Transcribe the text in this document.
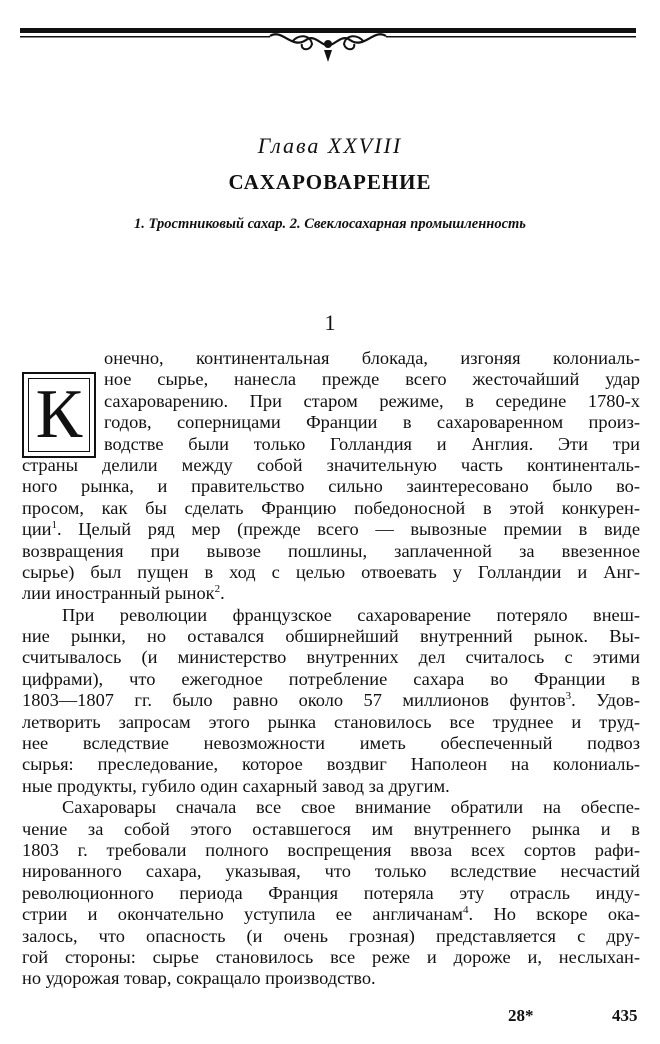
Глава XXVIII
САХАРОВАРЕНИЕ
1. Тростниковый сахар. 2. Свеклосахарная промышленность
1
К
онечно, континентальная блокада, изгоняя колониаль-
ное сырье, нанесла прежде всего жесточайший удар
сахароварению. При старом режиме, в середине 1780-х
годов, соперницами Франции в сахароваренном произ-
водстве были только Голландия и Англия. Эти три
страны делили между собой значительную часть континенталь-
ного рынка, и правительство сильно заинтересовано было во-
просом, как бы сделать Францию победоносной в этой конкурен-
ции$^1$. Целый ряд мер (прежде всего — вывозные премии в виде
возвращения при вывозе пошлины, заплаченной за ввезенное
сырье) был пущен в ход с целью отвоевать у Голландии и Анг-
лии иностранный рынок$^2$.
При революции французское сахароварение потеряло внеш-
ние рынки, но оставался обширнейший внутренний рынок. Вы-
считывалось (и министерство внутренних дел считалось с этими
цифрами), что ежегодное потребление сахара во Франции в
1803—1807 гг. было равно около 57 миллионов фунтов$^3$. Удов-
летворить запросам этого рынка становилось все труднее и труд-
нее вследствие невозможности иметь обеспеченный подвоз
сырья: преследование, которое воздвиг Наполеон на колониаль-
ные продукты, губило один сахарный завод за другим.
Сахаровары сначала все свое внимание обратили на обеспе-
чение за собой этого оставшегося им внутреннего рынка и в
1803 г. требовали полного воспрещения ввоза всех сортов рафи-
нированного сахара, указывая, что только вследствие несчастий
революционного периода Франция потеряла эту отрасль инду-
стрии и окончательно уступила ее англичанам$^4$. Но вскоре ока-
залось, что опасность (и очень грозная) представляется с дру-
гой стороны: сырье становилось все реже и дороже и, неслыхан-
но удорожая товар, сокращало производство.
28*	435
